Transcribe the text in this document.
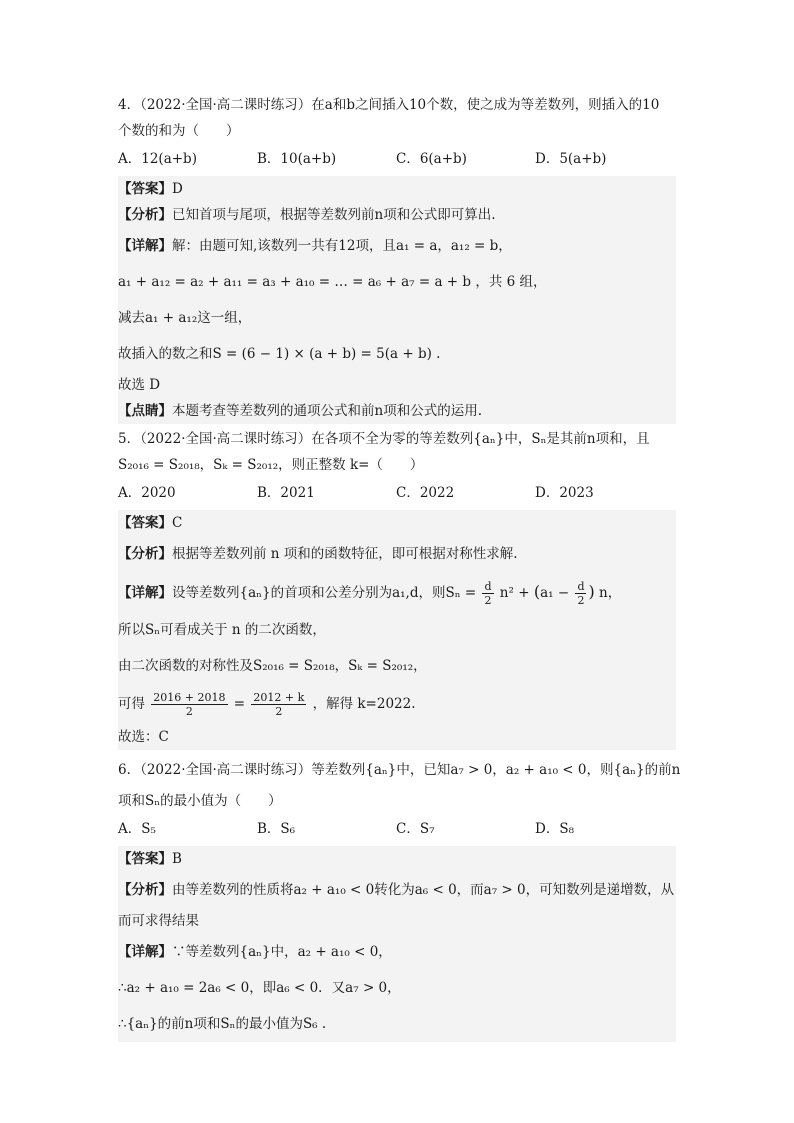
4．（2022·全国·高二课时练习）在a和b之间插入10个数，使之成为等差数列，则插入的10
个数的和为（　　）
A．12(a+b)	B．10(a+b)	C．6(a+b)	D．5(a+b)
【答案】D
【分析】已知首项与尾项，根据等差数列前n项和公式即可算出.
【详解】解：由题可知,该数列一共有12项，且a₁ = a，a₁₂ = b，
a₁ + a₁₂ = a₂ + a₁₁ = a₃ + a₁₀ = … = a₆ + a₇ = a + b ，共 6 组，
减去a₁ + a₁₂这一组，
故插入的数之和S = (6 − 1) × (a + b) = 5(a + b) .
故选 D
【点睛】本题考查等差数列的通项公式和前n项和公式的运用.
5．（2022·全国·高二课时练习）在各项不全为零的等差数列{aₙ}中，Sₙ是其前n项和，且
S₂₀₁₆ = S₂₀₁₈，Sₖ = S₂₀₁₂，则正整数 k=（　　）
A．2020	B．2021	C．2022	D．2023
【答案】C
【分析】根据等差数列前 n 项和的函数特征，即可根据对称性求解.
【详解】设等差数列{aₙ}的首项和公差分别为a₁,d，则$S_n = \frac{d}{2} n^2 + (a_1 - \frac{d}{2}$ ) n，
所以Sₙ可看成关于 n 的二次函数，
由二次函数的对称性及S₂₀₁₆ = S₂₀₁₈，Sₖ = S₂₀₁₂，
可得 $\frac{2016 + 2018}{2} = \frac{2012 + k}{2}$ ，解得 k=2022.
故选：C
6．（2022·全国·高二课时练习）等差数列{aₙ}中，已知a₇ > 0，a₂ + a₁₀ < 0，则{aₙ}的前n
项和Sₙ的最小值为（　　）
A．S₅	B．S₆	C．S₇	D．S₈
【答案】B
【分析】由等差数列的性质将a₂ + a₁₀ < 0转化为a₆ < 0，而a₇ > 0，可知数列是递增数，从
而可求得结果
【详解】∵等差数列{aₙ}中，a₂ + a₁₀ < 0，
∴a₂ + a₁₀ = 2a₆ < 0，即a₆ < 0．又a₇ > 0，
∴{aₙ}的前n项和Sₙ的最小值为S₆ .
